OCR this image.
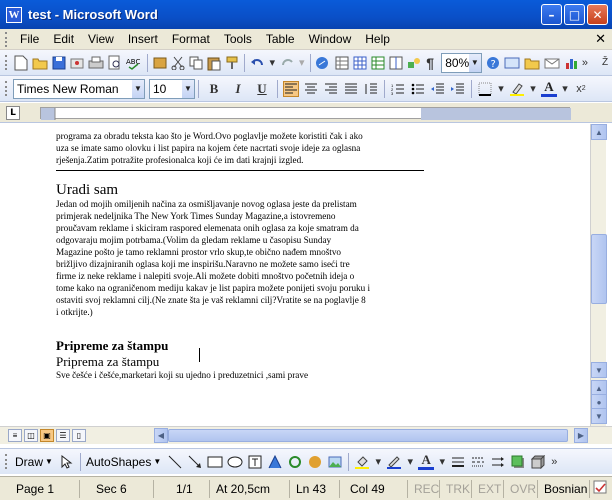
W test - Microsoft Word	–	□	✕
File	Edit	View	Insert	Format	Tools	Table	Window	Help	✕
ABC	▾ ▾	¶ 80% ▼ ?	» Ž
Times New Roman ▼ 10 ▼ B	I	U	1
2
3	▾ ▾ A ▾ x 2
L
programa za obradu teksta kao što je Word.Ovo poglavlje možete koristiti čak i ako
uza se imate samo olovku i list papira na kojem ćete nacrtati svoje ideje za oglasna
rješenja.Zatim potražite profesionalca koji će im dati krajnji izgled.
Uradi sam
Jedan od mojih omiljenih načina za osmišljavanje novog oglasa jeste da prelistam
primjerak nedeljnika The New York Times Sunday Magazine,a istovremeno
proučavam reklame i skiciram raspored elemenata onih oglasa za koje smatram da
odgovaraju mojim potrbama.(Volim da gledam reklame u časopisu Sunday
Magazine pošto je tamo reklamni prostor vrlo skup,te obično nađem mnoštvo
brižljivo dizajniranih oglasa koji me inspirišu.Naravno ne možete samo iseći tre
firme iz neke reklame i nalepiti svoje.Ali možete dobiti mnoštvo početnih ideja o
tome kako na ograničenom mediju kakav je list papira možete ponijeti svoju poruku i
ostaviti svoj reklamni cilj.(Ne znate šta je vaš reklamni cilj?Vratite se na poglavlje 8
i otkrijte.)
Pripreme za štampu
Priprema za štampu
Sve češće i češće,marketari koji su ujedno i preduzetnici ,sami prave
▲
▼
▲
●
▼
≡	◫	▣	☰	▯	◀	▶
Draw ▼	AutoShapes ▼	▾ ▾ A ▾	»
Page 1	Sec 6	1/1	At 20,5cm	Ln 43	Col 49	REC TRK EXT OVR Bosnian
